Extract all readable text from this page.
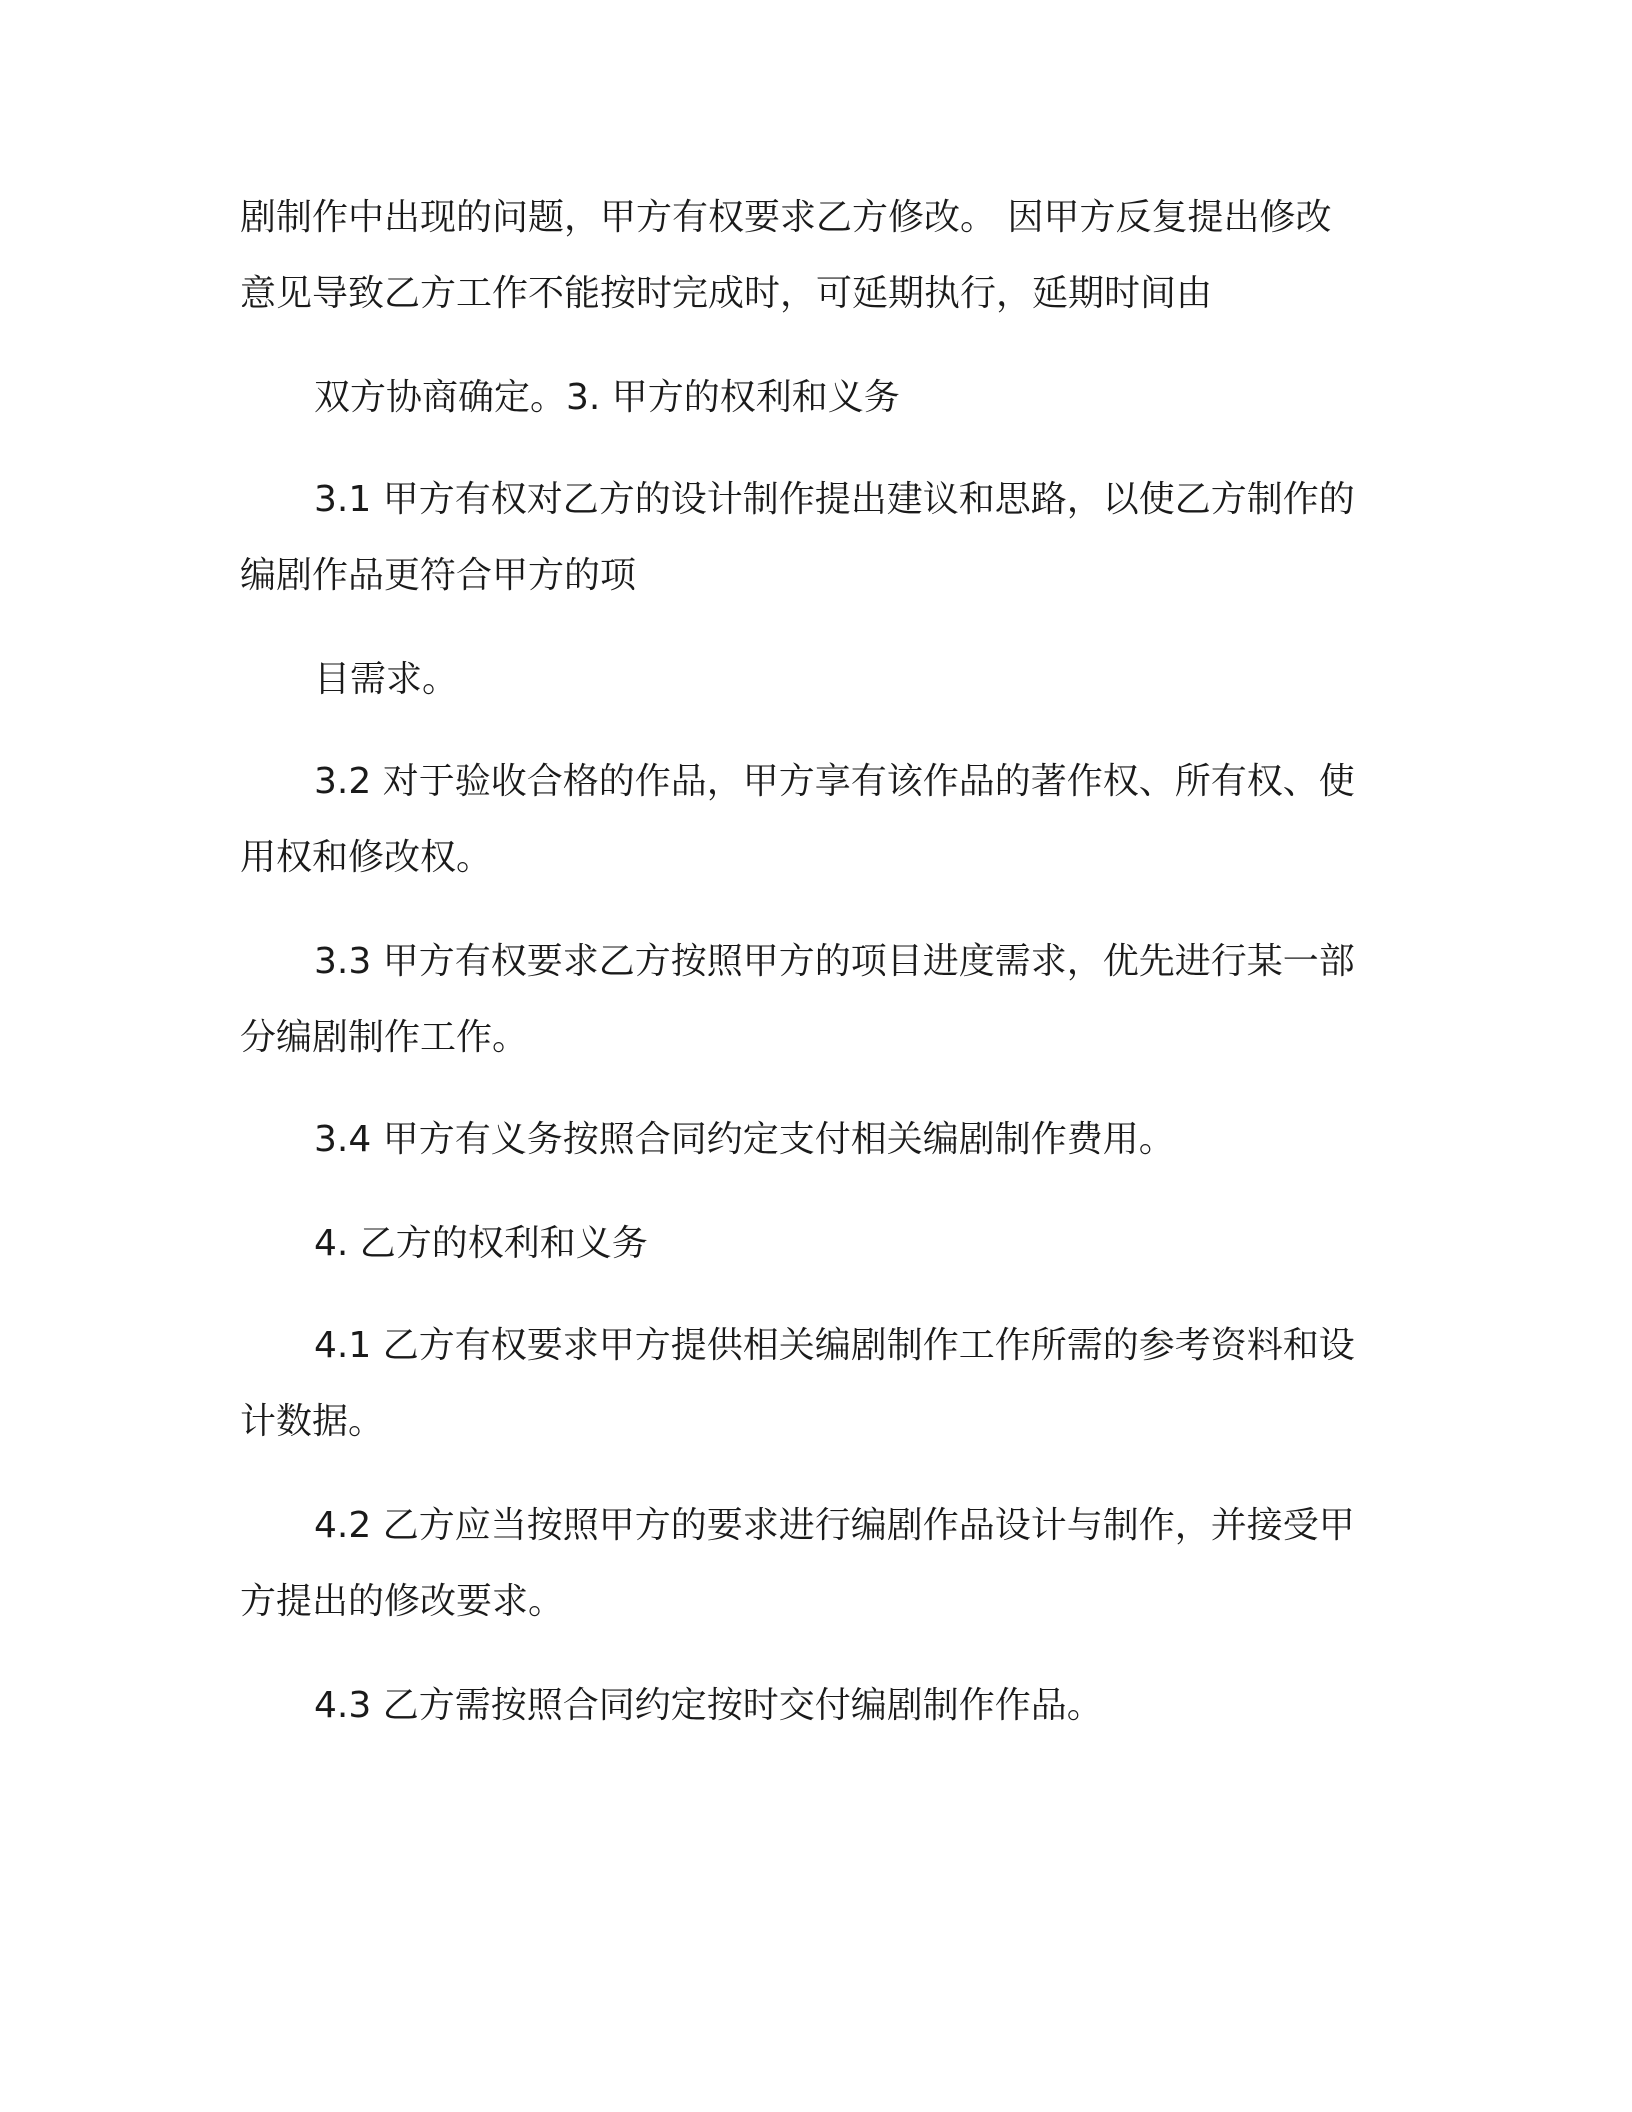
剧制作中出现的问题，甲方有权要求乙方修改。 因甲方反复提出修改

意见导致乙方工作不能按时完成时，可延期执行，延期时间由

双方协商确定。3. 甲方的权利和义务

3.1 甲方有权对乙方的设计制作提出建议和思路，以使乙方制作的

编剧作品更符合甲方的项

目需求。

3.2 对于验收合格的作品，甲方享有该作品的著作权、所有权、使

用权和修改权。

3.3 甲方有权要求乙方按照甲方的项目进度需求，优先进行某一部

分编剧制作工作。

3.4 甲方有义务按照合同约定支付相关编剧制作费用。

4. 乙方的权利和义务

4.1 乙方有权要求甲方提供相关编剧制作工作所需的参考资料和设

计数据。

4.2 乙方应当按照甲方的要求进行编剧作品设计与制作，并接受甲

方提出的修改要求。

4.3 乙方需按照合同约定按时交付编剧制作作品。
